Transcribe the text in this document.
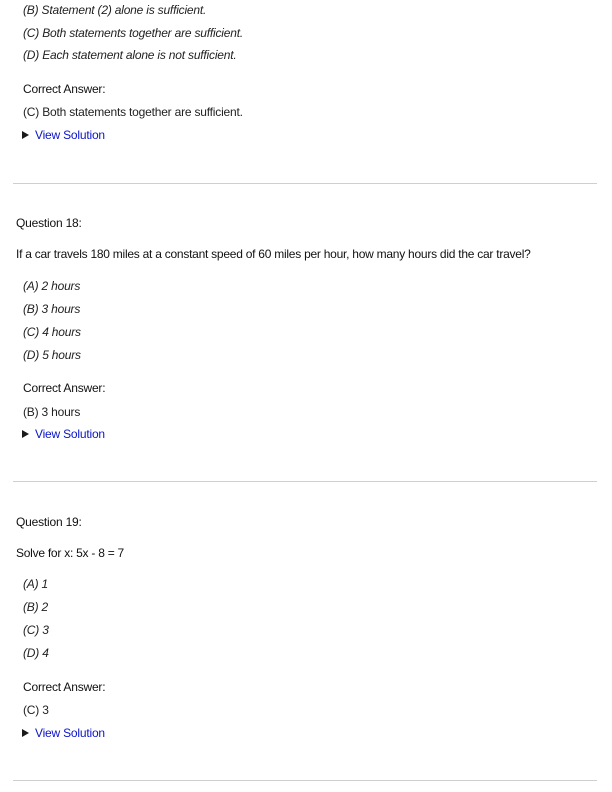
(B) Statement (2) alone is sufficient.
(C) Both statements together are sufficient.
(D) Each statement alone is not sufficient.
Correct Answer:
(C) Both statements together are sufficient.
View Solution
Question 18:
If a car travels 180 miles at a constant speed of 60 miles per hour, how many hours did the car travel?
(A) 2 hours
(B) 3 hours
(C) 4 hours
(D) 5 hours
Correct Answer:
(B) 3 hours
View Solution
Question 19:
Solve for x: 5x - 8 = 7
(A) 1
(B) 2
(C) 3
(D) 4
Correct Answer:
(C) 3
View Solution
